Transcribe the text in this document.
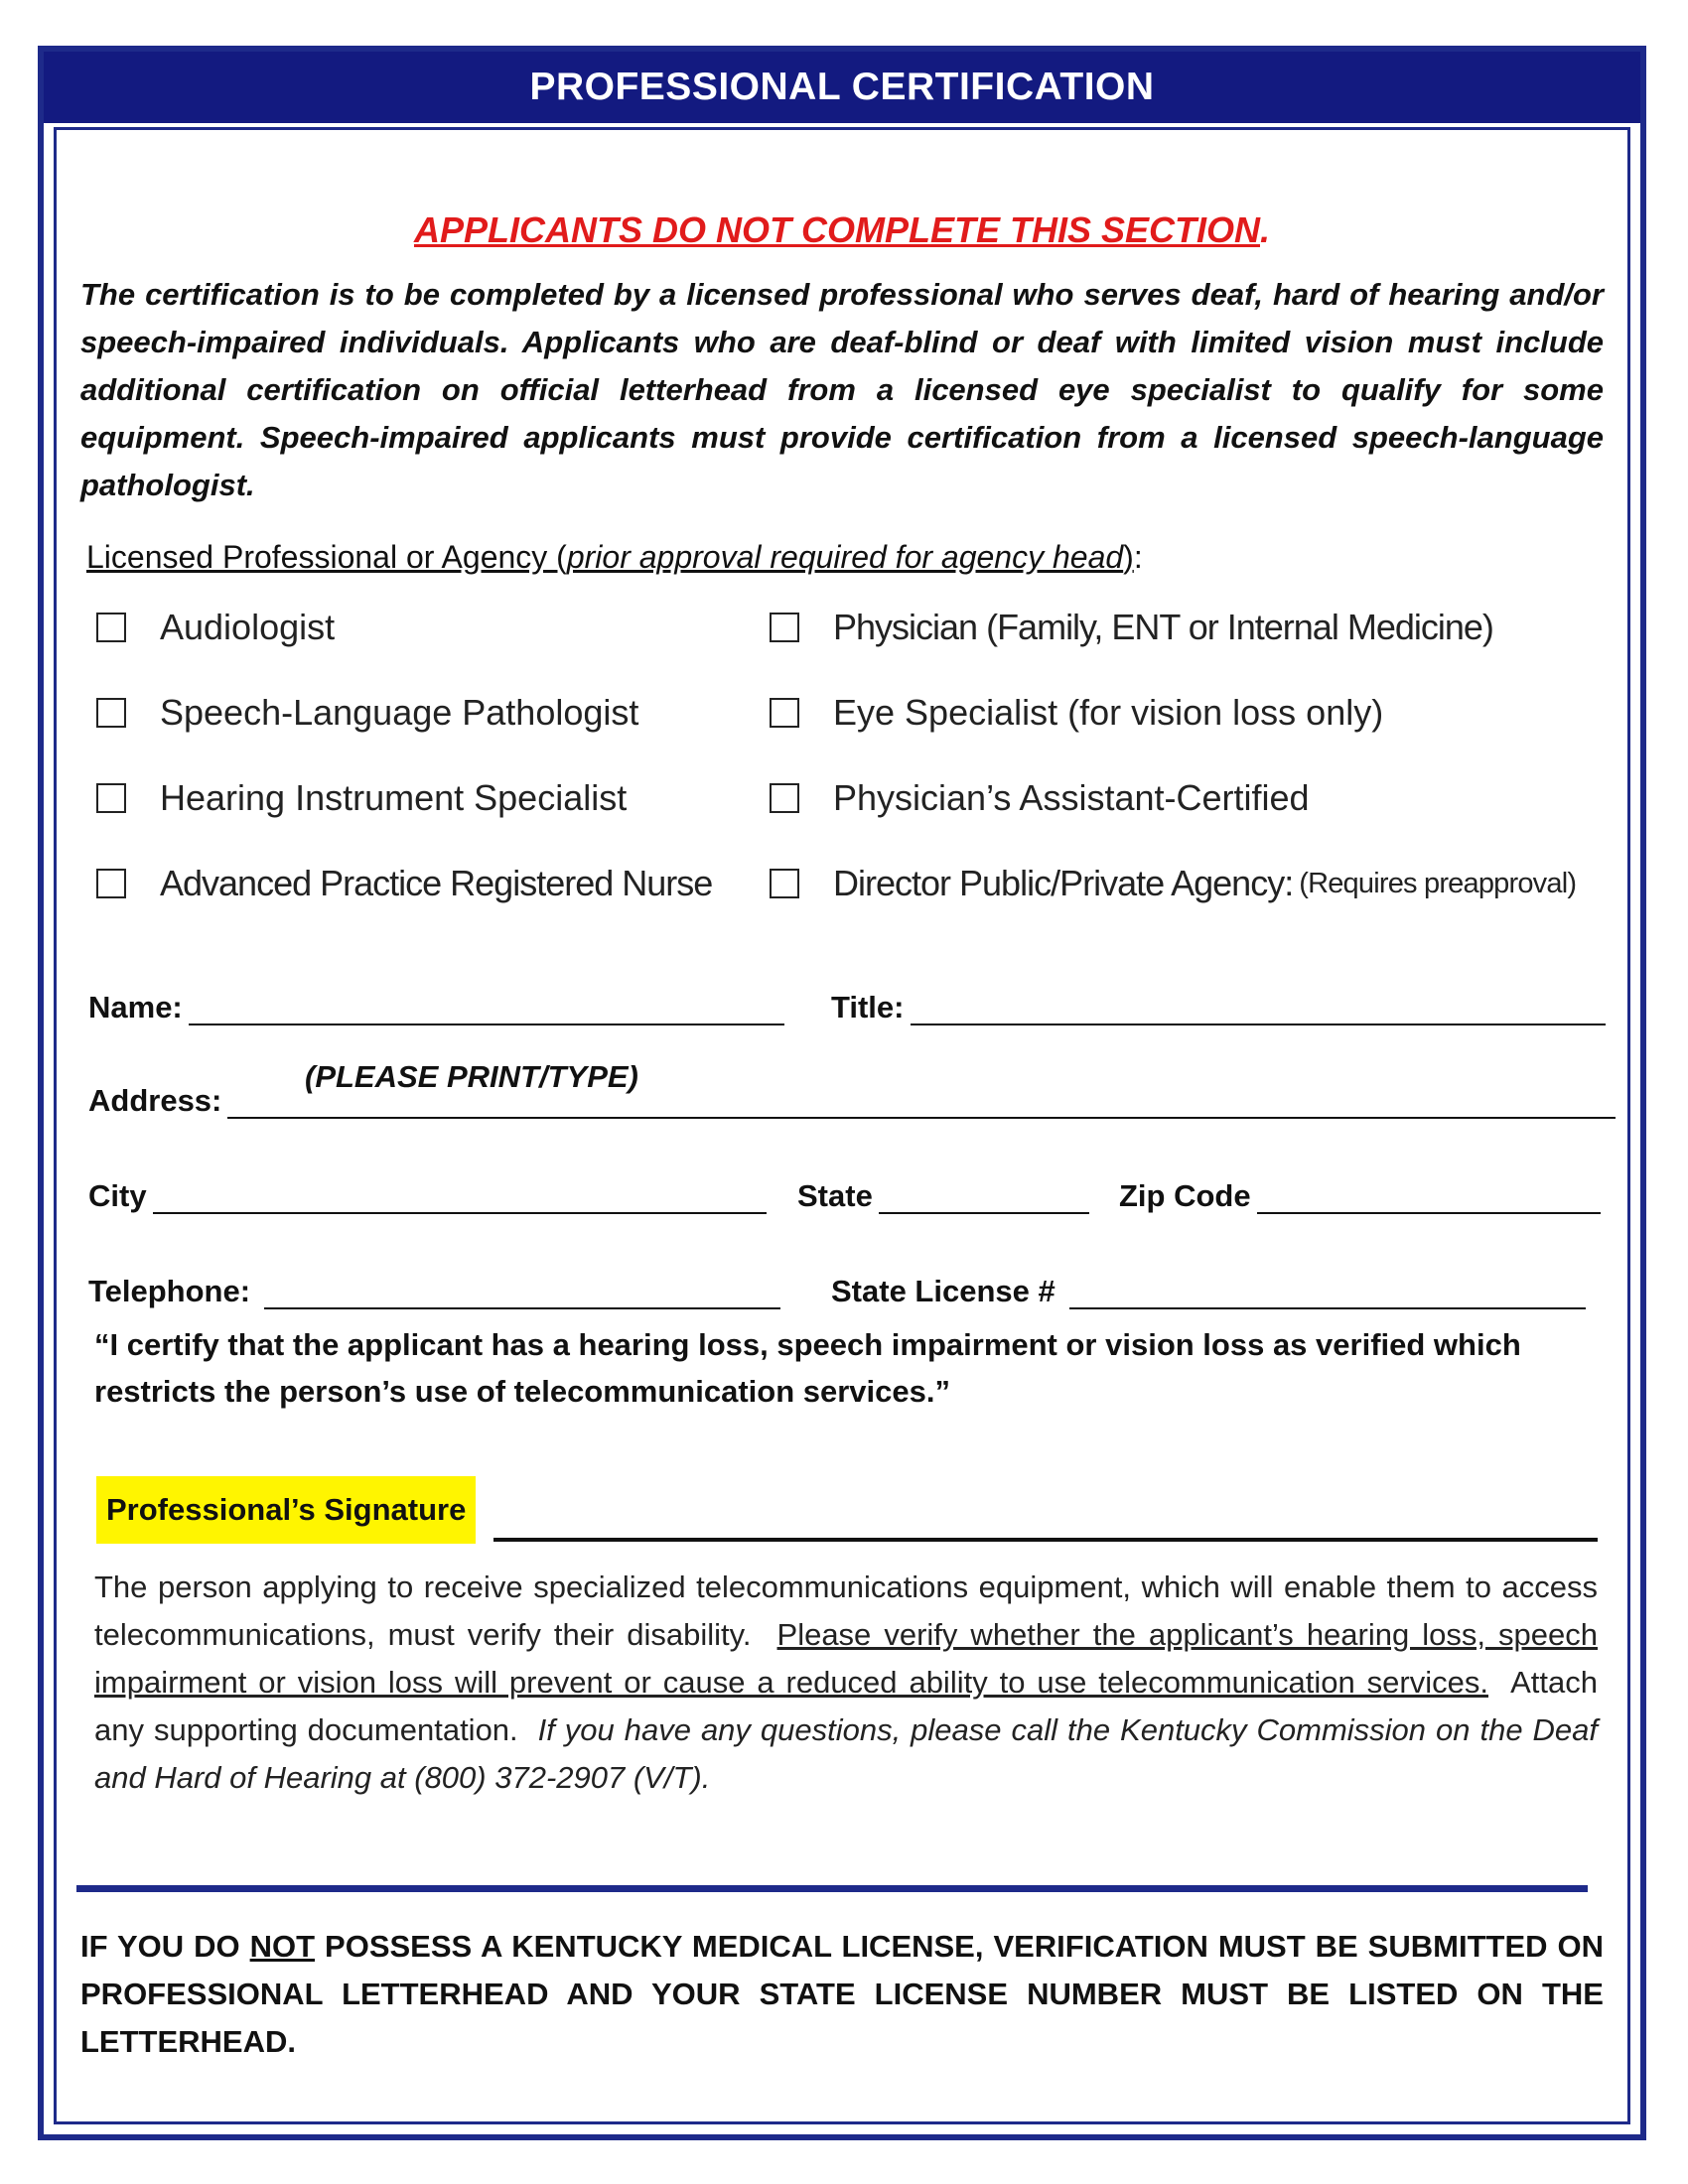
PROFESSIONAL CERTIFICATION
APPLICANTS DO NOT COMPLETE THIS SECTION.
The certification is to be completed by a licensed professional who serves deaf, hard of hearing and/or speech-impaired individuals. Applicants who are deaf-blind or deaf with limited vision must include additional certification on official letterhead from a licensed eye specialist to qualify for some equipment. Speech-impaired applicants must provide certification from a licensed speech-language pathologist.
Licensed Professional or Agency (prior approval required for agency head):
Audiologist
Speech-Language Pathologist
Hearing Instrument Specialist
Advanced Practice Registered Nurse
Physician (Family, ENT or Internal Medicine)
Eye Specialist (for vision loss only)
Physician’s Assistant-Certified
Director Public/Private Agency: (Requires preapproval)
Name:
(PLEASE PRINT/TYPE)
Title:
Address:
City	State	Zip Code
Telephone:	State License #
“I certify that the applicant has a hearing loss, speech impairment or vision loss as verified which restricts the person’s use of telecommunication services.”
Professional’s Signature
The person applying to receive specialized telecommunications equipment, which will enable them to access telecommunications, must verify their disability. Please verify whether the applicant’s hearing loss, speech impairment or vision loss will prevent or cause a reduced ability to use telecommunication services. Attach any supporting documentation. If you have any questions, please call the Kentucky Commission on the Deaf and Hard of Hearing at (800) 372-2907 (V/T).
IF YOU DO NOT POSSESS A KENTUCKY MEDICAL LICENSE, VERIFICATION MUST BE SUBMITTED ON PROFESSIONAL LETTERHEAD AND YOUR STATE LICENSE NUMBER MUST BE LISTED ON THE LETTERHEAD.
